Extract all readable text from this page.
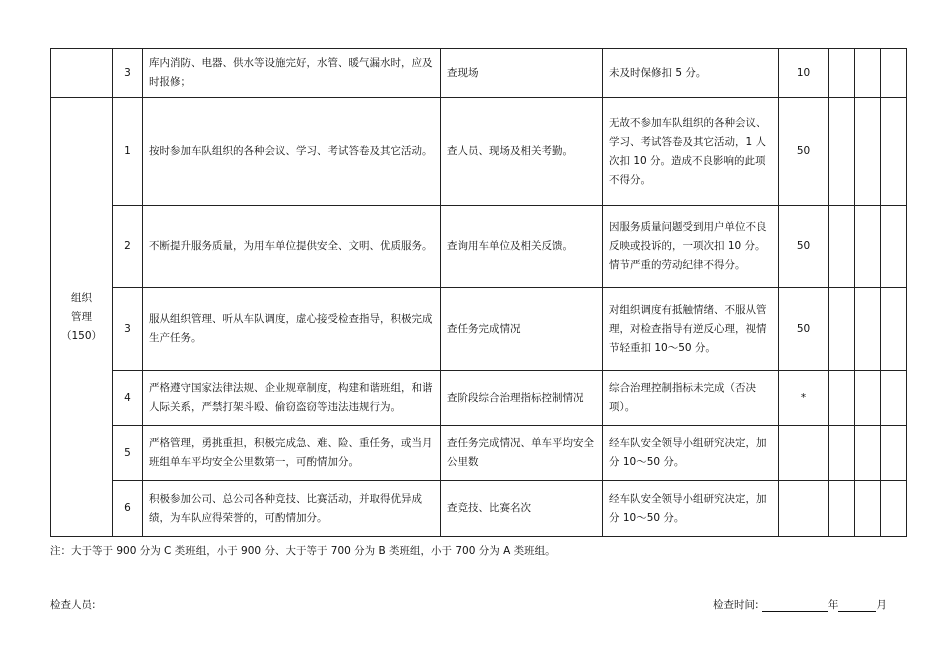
	3	库内消防、电器、供水等设施完好，水管、暖气漏水时，应及时报修；	查现场	未及时保修扣 5 分。	10			

组织
管理
（150）	1	按时参加车队组织的各种会议、学习、考试答卷及其它活动。	查人员、现场及相关考勤。	无故不参加车队组织的各种会议、学习、考试答卷及其它活动，1 人次扣 10 分。造成不良影响的此项不得分。	50			
	2	不断提升服务质量，为用车单位提供安全、文明、优质服务。	查询用车单位及相关反馈。	因服务质量问题受到用户单位不良反映或投诉的，一项次扣 10 分。情节严重的劳动纪律不得分。	50			
	3	服从组织管理、听从车队调度，虚心接受检查指导，积极完成生产任务。	查任务完成情况	对组织调度有抵触情绪、不服从管理，对检查指导有逆反心理，视情节轻重扣 10～50 分。	50			
	4	严格遵守国家法律法规、企业规章制度，构建和谐班组，和谐人际关系，严禁打架斗殴、偷窃盗窃等违法违规行为。	查阶段综合治理指标控制情况	综合治理控制指标未完成（否决项）。	*			
	5	严格管理，勇挑重担，积极完成急、难、险、重任务，或当月班组单车平均安全公里数第一，可酌情加分。	查任务完成情况、单车平均安全公里数	经车队安全领导小组研究决定，加分 10～50 分。				
	6	积极参加公司、总公司各种竞技、比赛活动，并取得优异成绩，为车队应得荣誉的，可酌情加分。	查竞技、比赛名次	经车队安全领导小组研究决定，加分 10～50 分。				
注：大于等于 900 分为 C 类班组，小于 900 分、大于等于 700 分为 B 类班组，小于 700 分为 A 类班组。
检查人员:	检查时间:	年	月
